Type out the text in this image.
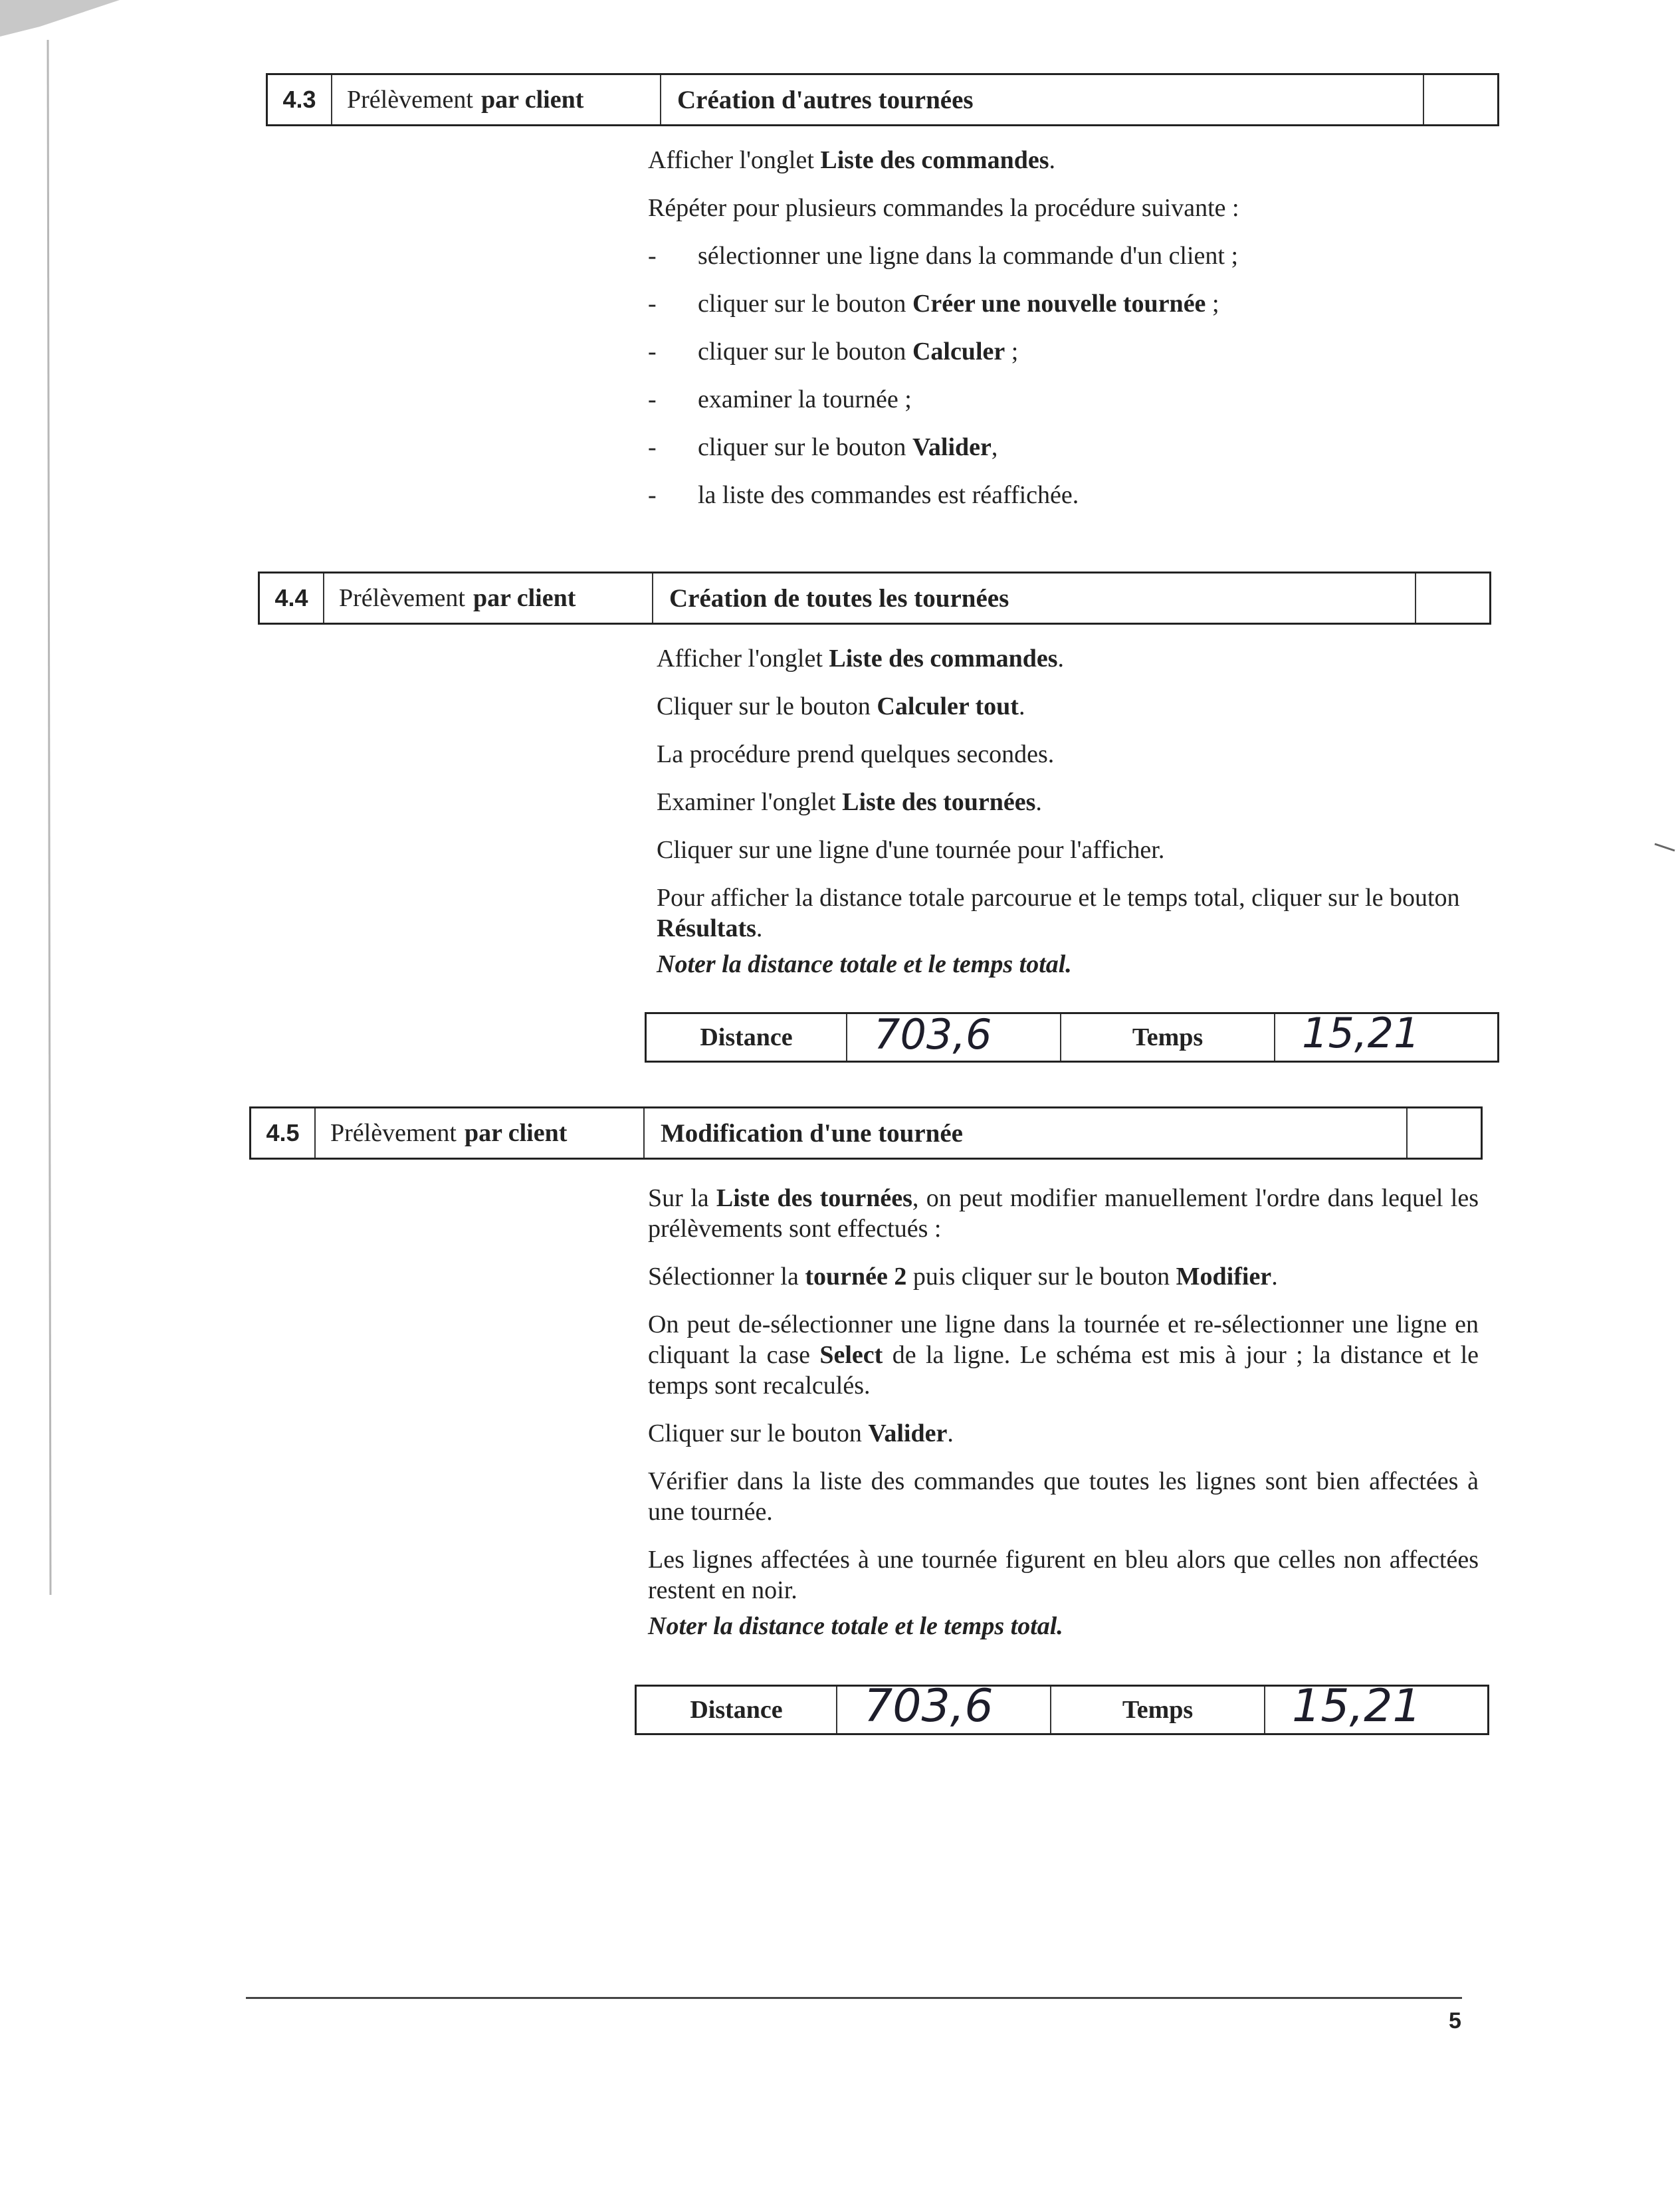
4.3	Prélèvement par client	Création d'autres tournées

Afficher l'onglet Liste des commandes.

Répéter pour plusieurs commandes la procédure suivante :

-	sélectionner une ligne dans la commande d'un client ;
-	cliquer sur le bouton Créer une nouvelle tournée ;
-	cliquer sur le bouton Calculer ;
-	examiner la tournée ;
-	cliquer sur le bouton Valider,
-	la liste des commandes est réaffichée.
4.4	Prélèvement par client	Création de toutes les tournées

Afficher l'onglet Liste des commandes.

Cliquer sur le bouton Calculer tout.

La procédure prend quelques secondes.

Examiner l'onglet Liste des tournées.

Cliquer sur une ligne d'une tournée pour l'afficher.

Pour afficher la distance totale parcourue et le temps total, cliquer sur le bouton Résultats.

Noter la distance totale et le temps total.
Distance	703,6	Temps	15,21
4.5	Prélèvement par client	Modification d'une tournée

Sur la Liste des tournées, on peut modifier manuellement l'ordre dans lequel les prélèvements sont effectués :

Sélectionner la tournée 2 puis cliquer sur le bouton Modifier.

On peut de-sélectionner une ligne dans la tournée et re-sélectionner une ligne en cliquant la case Select de la ligne. Le schéma est mis à jour ; la distance et le temps sont recalculés.

Cliquer sur le bouton Valider.

Vérifier dans la liste des commandes que toutes les lignes sont bien affectées à une tournée.

Les lignes affectées à une tournée figurent en bleu alors que celles non affectées restent en noir.

Noter la distance totale et le temps total.
Distance	703,6	Temps	15,21
5
